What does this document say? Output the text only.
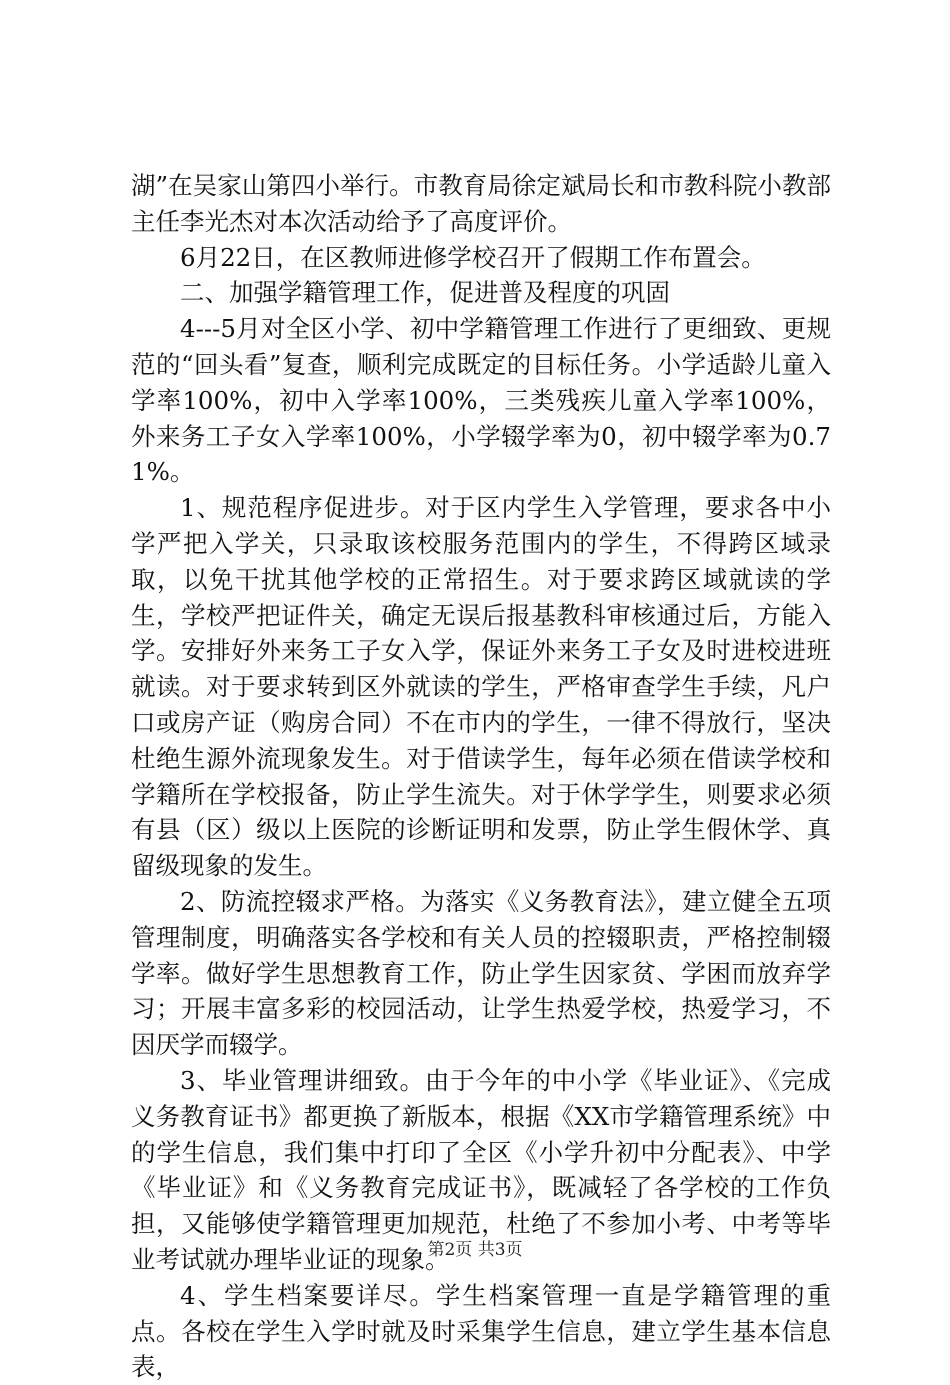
湖”在吴家山第四小举行。市教育局徐定斌局长和市教科院小教部主任李光杰对本次活动给予了高度评价。

6月22日，在区教师进修学校召开了假期工作布置会。

二、加强学籍管理工作，促进普及程度的巩固

4---5月对全区小学、初中学籍管理工作进行了更细致、更规范的“回头看”复查，顺利完成既定的目标任务。小学适龄儿童入学率100%，初中入学率100%，三类残疾儿童入学率100%，外来务工子女入学率100%，小学辍学率为0，初中辍学率为0.71%。

1、规范程序促进步。对于区内学生入学管理，要求各中小学严把入学关，只录取该校服务范围内的学生，不得跨区域录取，以免干扰其他学校的正常招生。对于要求跨区域就读的学生，学校严把证件关，确定无误后报基教科审核通过后，方能入学。安排好外来务工子女入学，保证外来务工子女及时进校进班就读。对于要求转到区外就读的学生，严格审查学生手续，凡户口或房产证（购房合同）不在市内的学生，一律不得放行，坚决杜绝生源外流现象发生。对于借读学生，每年必须在借读学校和学籍所在学校报备，防止学生流失。对于休学学生，则要求必须有县（区）级以上医院的诊断证明和发票，防止学生假休学、真留级现象的发生。

2、防流控辍求严格。为落实《义务教育法》，建立健全五项管理制度，明确落实各学校和有关人员的控辍职责，严格控制辍学率。做好学生思想教育工作，防止学生因家贫、学困而放弃学习；开展丰富多彩的校园活动，让学生热爱学校，热爱学习，不因厌学而辍学。

3、毕业管理讲细致。由于今年的中小学《毕业证》、《完成义务教育证书》都更换了新版本，根据《XX市学籍管理系统》中的学生信息，我们集中打印了全区《小学升初中分配表》、中学《毕业证》和《义务教育完成证书》，既减轻了各学校的工作负担，又能够使学籍管理更加规范，杜绝了不参加小考、中考等毕业考试就办理毕业证的现象。

4、学生档案要详尽。学生档案管理一直是学籍管理的重点。各校在学生入学时就及时采集学生信息，建立学生基本信息表，

第2页 共3页
